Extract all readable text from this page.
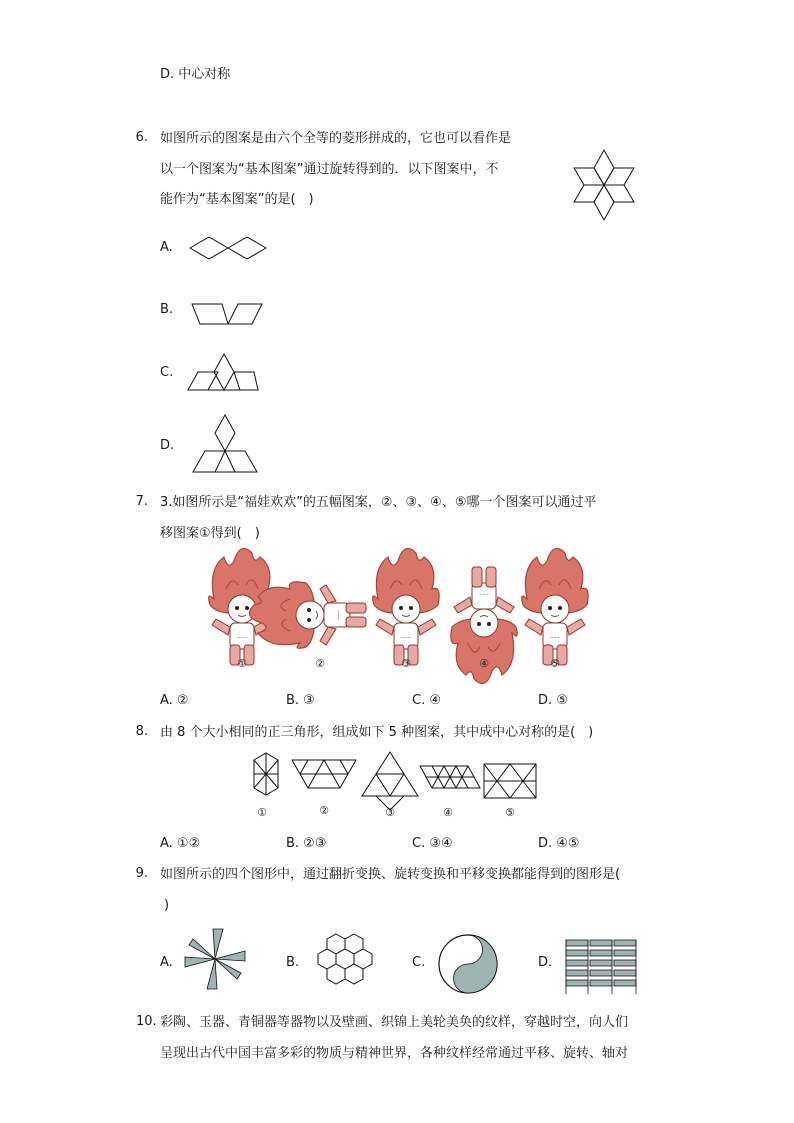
D. 中心对称
6. 如图所示的图案是由六个全等的菱形拼成的，它也可以看作是
以一个图案为“基本图案”通过旋转得到的．以下图案中，不
能作为“基本图案”的是(　)
A.
B.
C.
D.
7. 3.如图所示是“福娃欢欢”的五幅图案，②、③、④、⑤哪一个图案可以通过平
移图案①得到(　)
~~~
①	②	③	④	⑤
A. ②	B. ③	C. ④	D. ⑤
8. 由 8 个大小相同的正三角形，组成如下 5 种图案，其中成中心对称的是(　)
①	②	③	④	⑤
A. ①②	B. ②③	C. ③④	D. ④⑤
9. 如图所示的四个图形中，通过翻折变换、旋转变换和平移变换都能得到的图形是(
)
A.	B.	C.	D.
10. 彩陶、玉器、青铜器等器物以及壁画、织锦上美轮美奂的纹样，穿越时空，向人们
呈现出古代中国丰富多彩的物质与精神世界，各种纹样经常通过平移、旋转、轴对
